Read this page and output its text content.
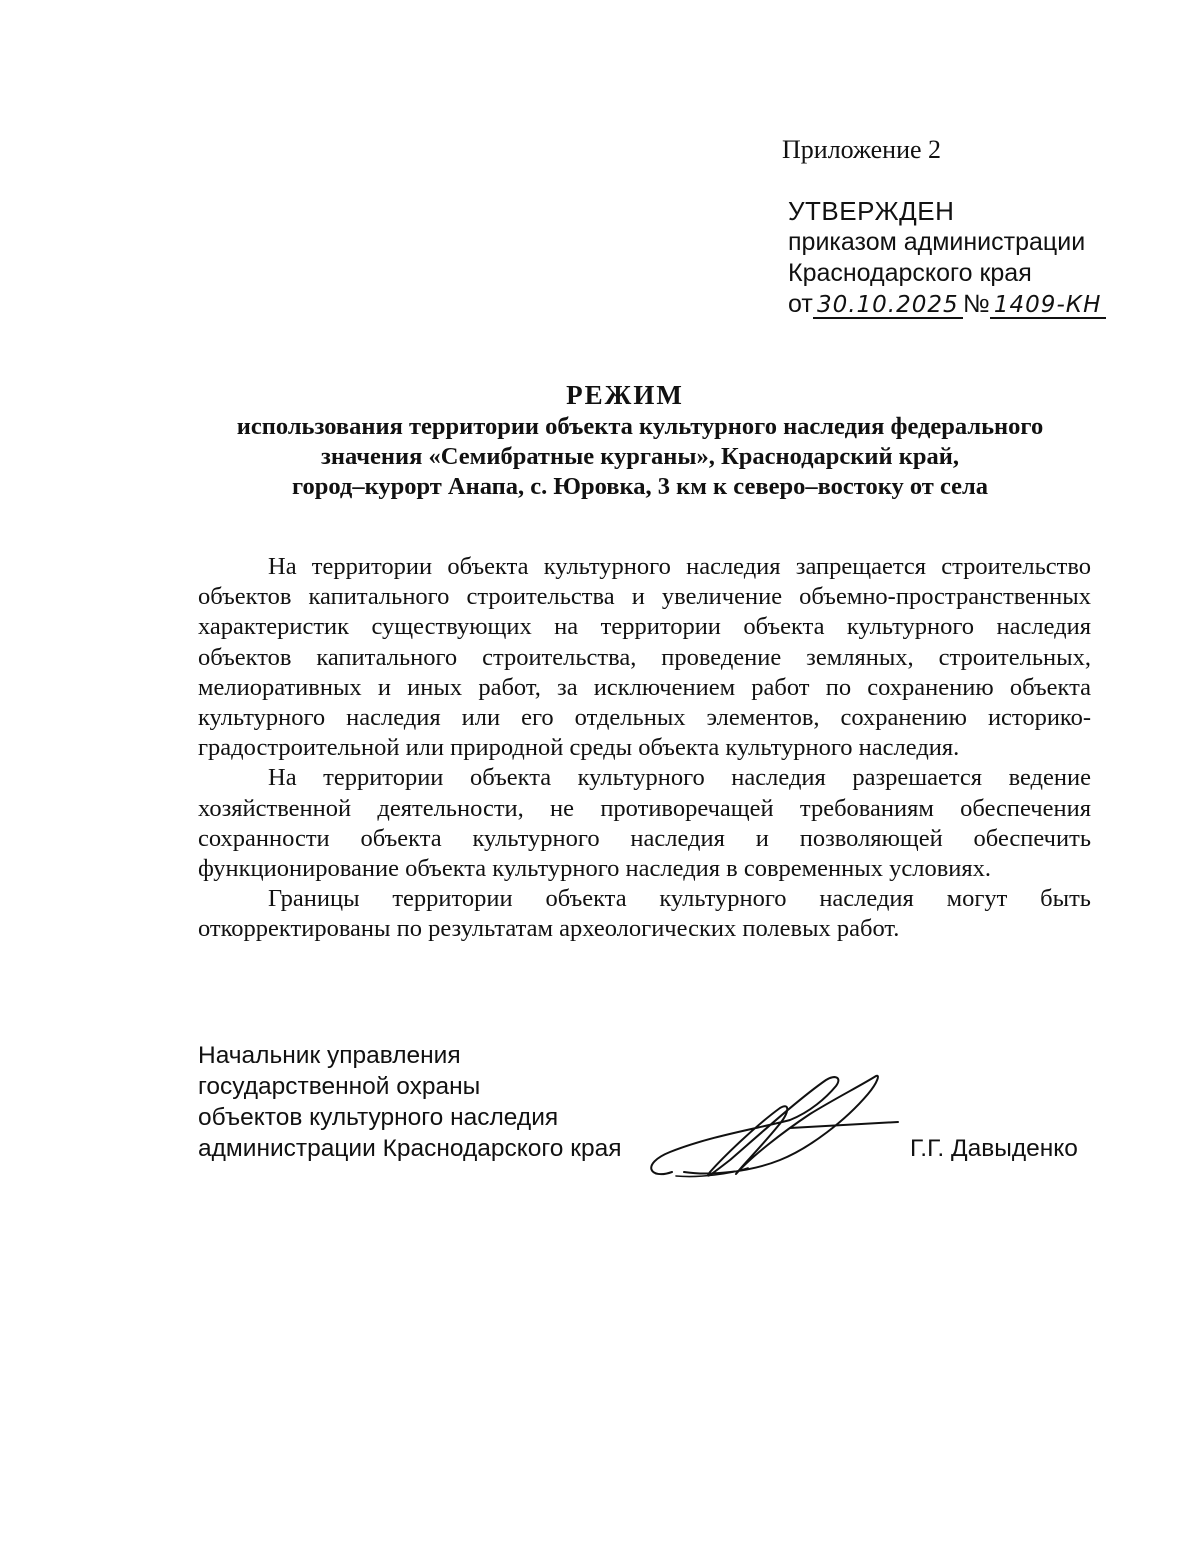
Приложение 2
УТВЕРЖДЕН
приказом администрации
Краснодарского края
от 30.10.2025 № 1409-КН
РЕЖИМ
использования территории объекта культурного наследия федерального
значения «Семибратные курганы», Краснодарский край,
город–курорт Анапа, с. Юровка, 3 км к северо–востоку от села

На территории объекта культурного наследия запрещается строительство объектов капитального строительства и увеличение объемно-пространственных характеристик существующих на территории объекта культурного наследия объектов капитального строительства, проведение земляных, строительных, мелиоративных и иных работ, за исключением работ по сохранению объекта культурного наследия или его отдельных элементов, сохранению историко-градостроительной или природной среды объекта культурного наследия.

На территории объекта культурного наследия разрешается ведение хозяйственной деятельности, не противоречащей требованиям обеспечения сохранности объекта культурного наследия и позволяющей обеспечить функционирование объекта культурного наследия в современных условиях.

Границы территории объекта культурного наследия могут быть откорректированы по результатам археологических полевых работ.

Начальник управления
государственной охраны
объектов культурного наследия
администрации Краснодарского края	Г.Г. Давыденко
